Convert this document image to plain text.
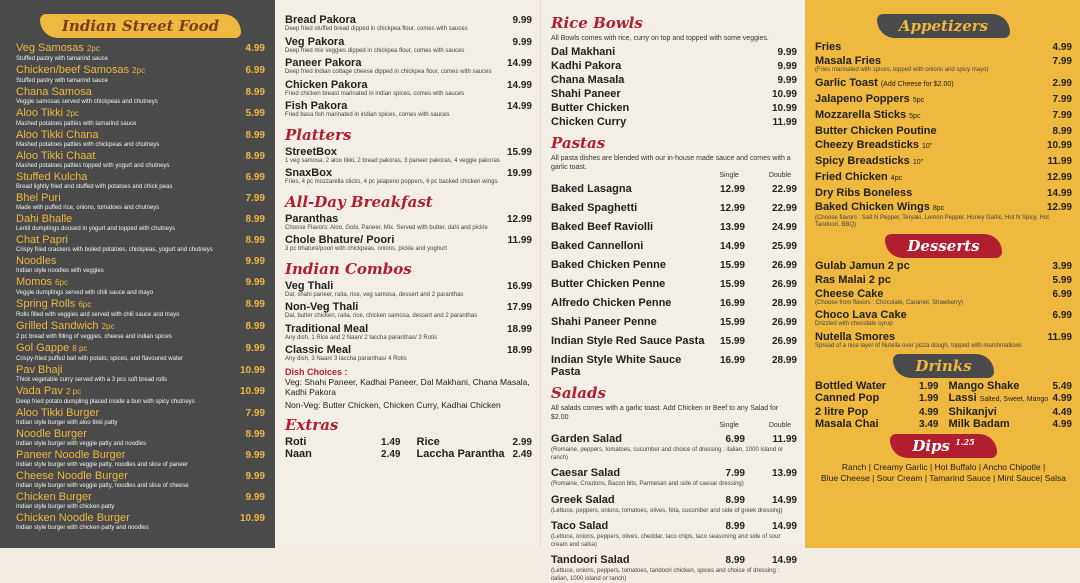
Indian Street Food
Veg Samosas 2pc	4.99
Stuffed pastry with tamarind sauce
Chicken/beef Samosas 2pc	6.99
Stuffed pastry with tamarind sauce
Chana Samosa	8.99
Veggie samosas served with chickpeas and chutneys
Aloo Tikki 2pc	5.99
Mashed potatoes patties with tamarind sauce
Aloo Tikki Chana	8.99
Mashed potatoes patties with chickpeas and chutneys
Aloo Tikki Chaat	8.99
Mashed potatoes patties topped with yogurt and chutneys
Stuffed Kulcha	6.99
Bread lightly fried and stuffed with potatoes and chick peas
Bhel Puri	7.99
Made with puffed rice, onions, tomatoes and chutneys
Dahi Bhalle	8.99
Lentil dumplings doused in yogurt and topped with chutneys
Chat Papri	8.99
Crispy fried crackers with boiled potatoes, chickpeas, yogurt and chutneys
Noodles	9.99
Indian style noodles with veggies
Momos 6pc	9.99
Veggie dumplings served with chili sauce and mayo
Spring Rolls 6pc	8.99
Rolls filled with veggies and served with chili sauce and mayo
Grilled Sandwich 2pc	8.99
2 pc bread with filling of veggies, cheese and indian spices
Gol Gappe 8 pc	9.99
Crispy-fried puffed ball with potato, spices, and flavoured water
Pav Bhaji	10.99
Thick vegetable curry served with a 3 pcs soft bread rolls
Vada Pav 2 pc	10.99
Deep fried potato dumpling placed inside a bun with spicy chutneys
Aloo Tikki Burger	7.99
Indian style burger with aloo tikki patty
Noodle Burger	8.99
Indian style burger with veggie patty and noodles
Paneer Noodle Burger	9.99
Indian style burger with veggie patty, noodles and slice of paneer
Cheese Noodle Burger	9.99
Indian style burger with veggie patty, noodles and slice of cheese
Chicken Burger	9.99
Indian style burger with chicken patty
Chicken Noodle Burger	10.99
Indian style burger with chicken patty and noodles
Bread Pakora	9.99
Deep fried stuffed bread dipped in chickpea flour, comes with sauces
Veg Pakora	9.99
Deep fried mix veggies dipped in chickpea flour, comes with sauces
Paneer Pakora	14.99
Deep fried Indian cottage cheese dipped in chickpea flour, comes with sauces
Chicken Pakora	14.99
Fried chicken breast marinated in indian spices, comes with sauces
Fish Pakora	14.99
Fried basa fish marinated in indian spices, comes with sauces
Platters
StreetBox	15.99
1 veg samosa, 2 aloo tikki, 2 bread pakoras, 3 paneer pakoras, 4 veggie pakoras
SnaxBox	19.99
Fries, 4 pc mozzarella sticks, 4 pc jalapeno poppers, 6 pc backed chicken wings
All-Day Breakfast
Paranthas	12.99
Choose Flavors: Aloo, Gobi, Paneer, Mix. Served with butter, dahi and pickle
Chole Bhature/ Poori	11.99
3 pc bhature/poori with chickpeas, onions, pickle and yoghurt
Indian Combos
Veg Thali	16.99
Dal, shahi paneer, raita, rice, veg samosa, dessert and 2 paranthas
Non-Veg Thali	17.99
Dal, butter chicken, raita, rice, chicken samosa, dessert and 2 paranthas
Traditional Meal	18.99
Any dish, 1 Rice and 2 Naan/ 2 laccha paranthas/ 3 Rotis
Classic Meal	18.99
Any dish, 3 Naan/ 3 laccha paranthas/ 4 Rotis
Dish Choices :
Veg: Shahi Paneer, Kadhai Paneer, Dal Makhani, Chana Masala, Kadhi Pakora
Non-Veg: Butter Chicken, Chicken Curry, Kadhai Chicken
Extras
Roti	1.49 Rice	2.99
Naan	2.49 Laccha Parantha 2.49
Rice Bowls
All Bowls comes with rice, curry on top and topped with some veggies.
Dal Makhani	9.99
Kadhi Pakora	9.99
Chana Masala	9.99
Shahi Paneer	10.99
Butter Chicken	10.99
Chicken Curry	11.99
Pastas
All pasta dishes are blended with our in-house made sauce and comes with a garlic toast.
Single	Double
Baked Lasagna	12.99	22.99
Baked Spaghetti	12.99	22.99
Baked Beef Raviolli	13.99	24.99
Baked Cannelloni	14.99	25.99
Baked Chicken Penne	15.99	26.99
Butter Chicken Penne	15.99	26.99
Alfredo Chicken Penne	16.99	28.99
Shahi Paneer Penne	15.99	26.99
Indian Style Red Sauce Pasta	15.99	26.99
Indian Style White Sauce Pasta
16.99	28.99
Salads
All salads comes with a garlic toast. Add Chicken or Beef to any Salad for $2.00
Single	Double
Garden Salad	6.99	11.99
(Romaine, peppers, tomatoes, cucumber and choice of dressing : italian, 1000 island or ranch)
Caesar Salad	7.99	13.99
(Romaine, Croutons, Bacon bits, Parmesan and side of caesar dressing)
Greek Salad	8.99	14.99
(Lettuce, peppers, onions, tomatoes, olives, feta, cucumber and side of greek dressing)
Taco Salad	8.99	14.99
(Lettuce, onions, peppers, olives, cheddar, taco chips, taco seasoning and side of sour cream and salsa)
Tandoori Salad	8.99	14.99
(Lettuce, onions, peppers, tomatoes, tandoori chicken, spices and choice of dressing : italian, 1000 island or ranch)
Appetizers
Fries	4.99
Masala Fries	7.99
(Fries marinated with spices, topped with onions and spicy mayo)
Garlic Toast (Add Cheese for $2.00)	2.99
Jalapeno Poppers 5pc	7.99
Mozzarella Sticks 5pc	7.99
Butter Chicken Poutine	8.99
Cheezy Breadsticks 10"	10.99
Spicy Breadsticks 10"	11.99
Fried Chicken 4pc	12.99
Dry Ribs Boneless	14.99
Baked Chicken Wings 8pc	12.99
(Choose flavors : Salt N Pepper, Teryaki, Lemon Pepper, Honey Garlic, Hot N Spicy, Hot Tandoori, BBQ)
Desserts
Gulab Jamun 2 pc	3.99
Ras Malai 2 pc	5.99
Cheese Cake	6.99
(Choose from flavors : Chocolate, Caramel, Strawberry)
Choco Lava Cake	6.99
Drizzled with chocolate syrup
Nutella Smores	11.99
Spread of a nice layer of Nutella over pizza dough, topped with marshmallows
Drinks
Bottled Water	1.99 Mango Shake	5.49
Canned Pop	1.99 Lassi Salted, Sweet, Mango 4.99
2 litre Pop	4.99 Shikanjvi	4.49
Masala Chai	3.49 Milk Badam	4.99
Dips $^{1.25}$
Ranch | Creamy Garlic | Hot Buffalo | Ancho Chipotle |
Blue Cheese | Sour Cream | Tamarind Sauce | Mint Sauce| Salsa
